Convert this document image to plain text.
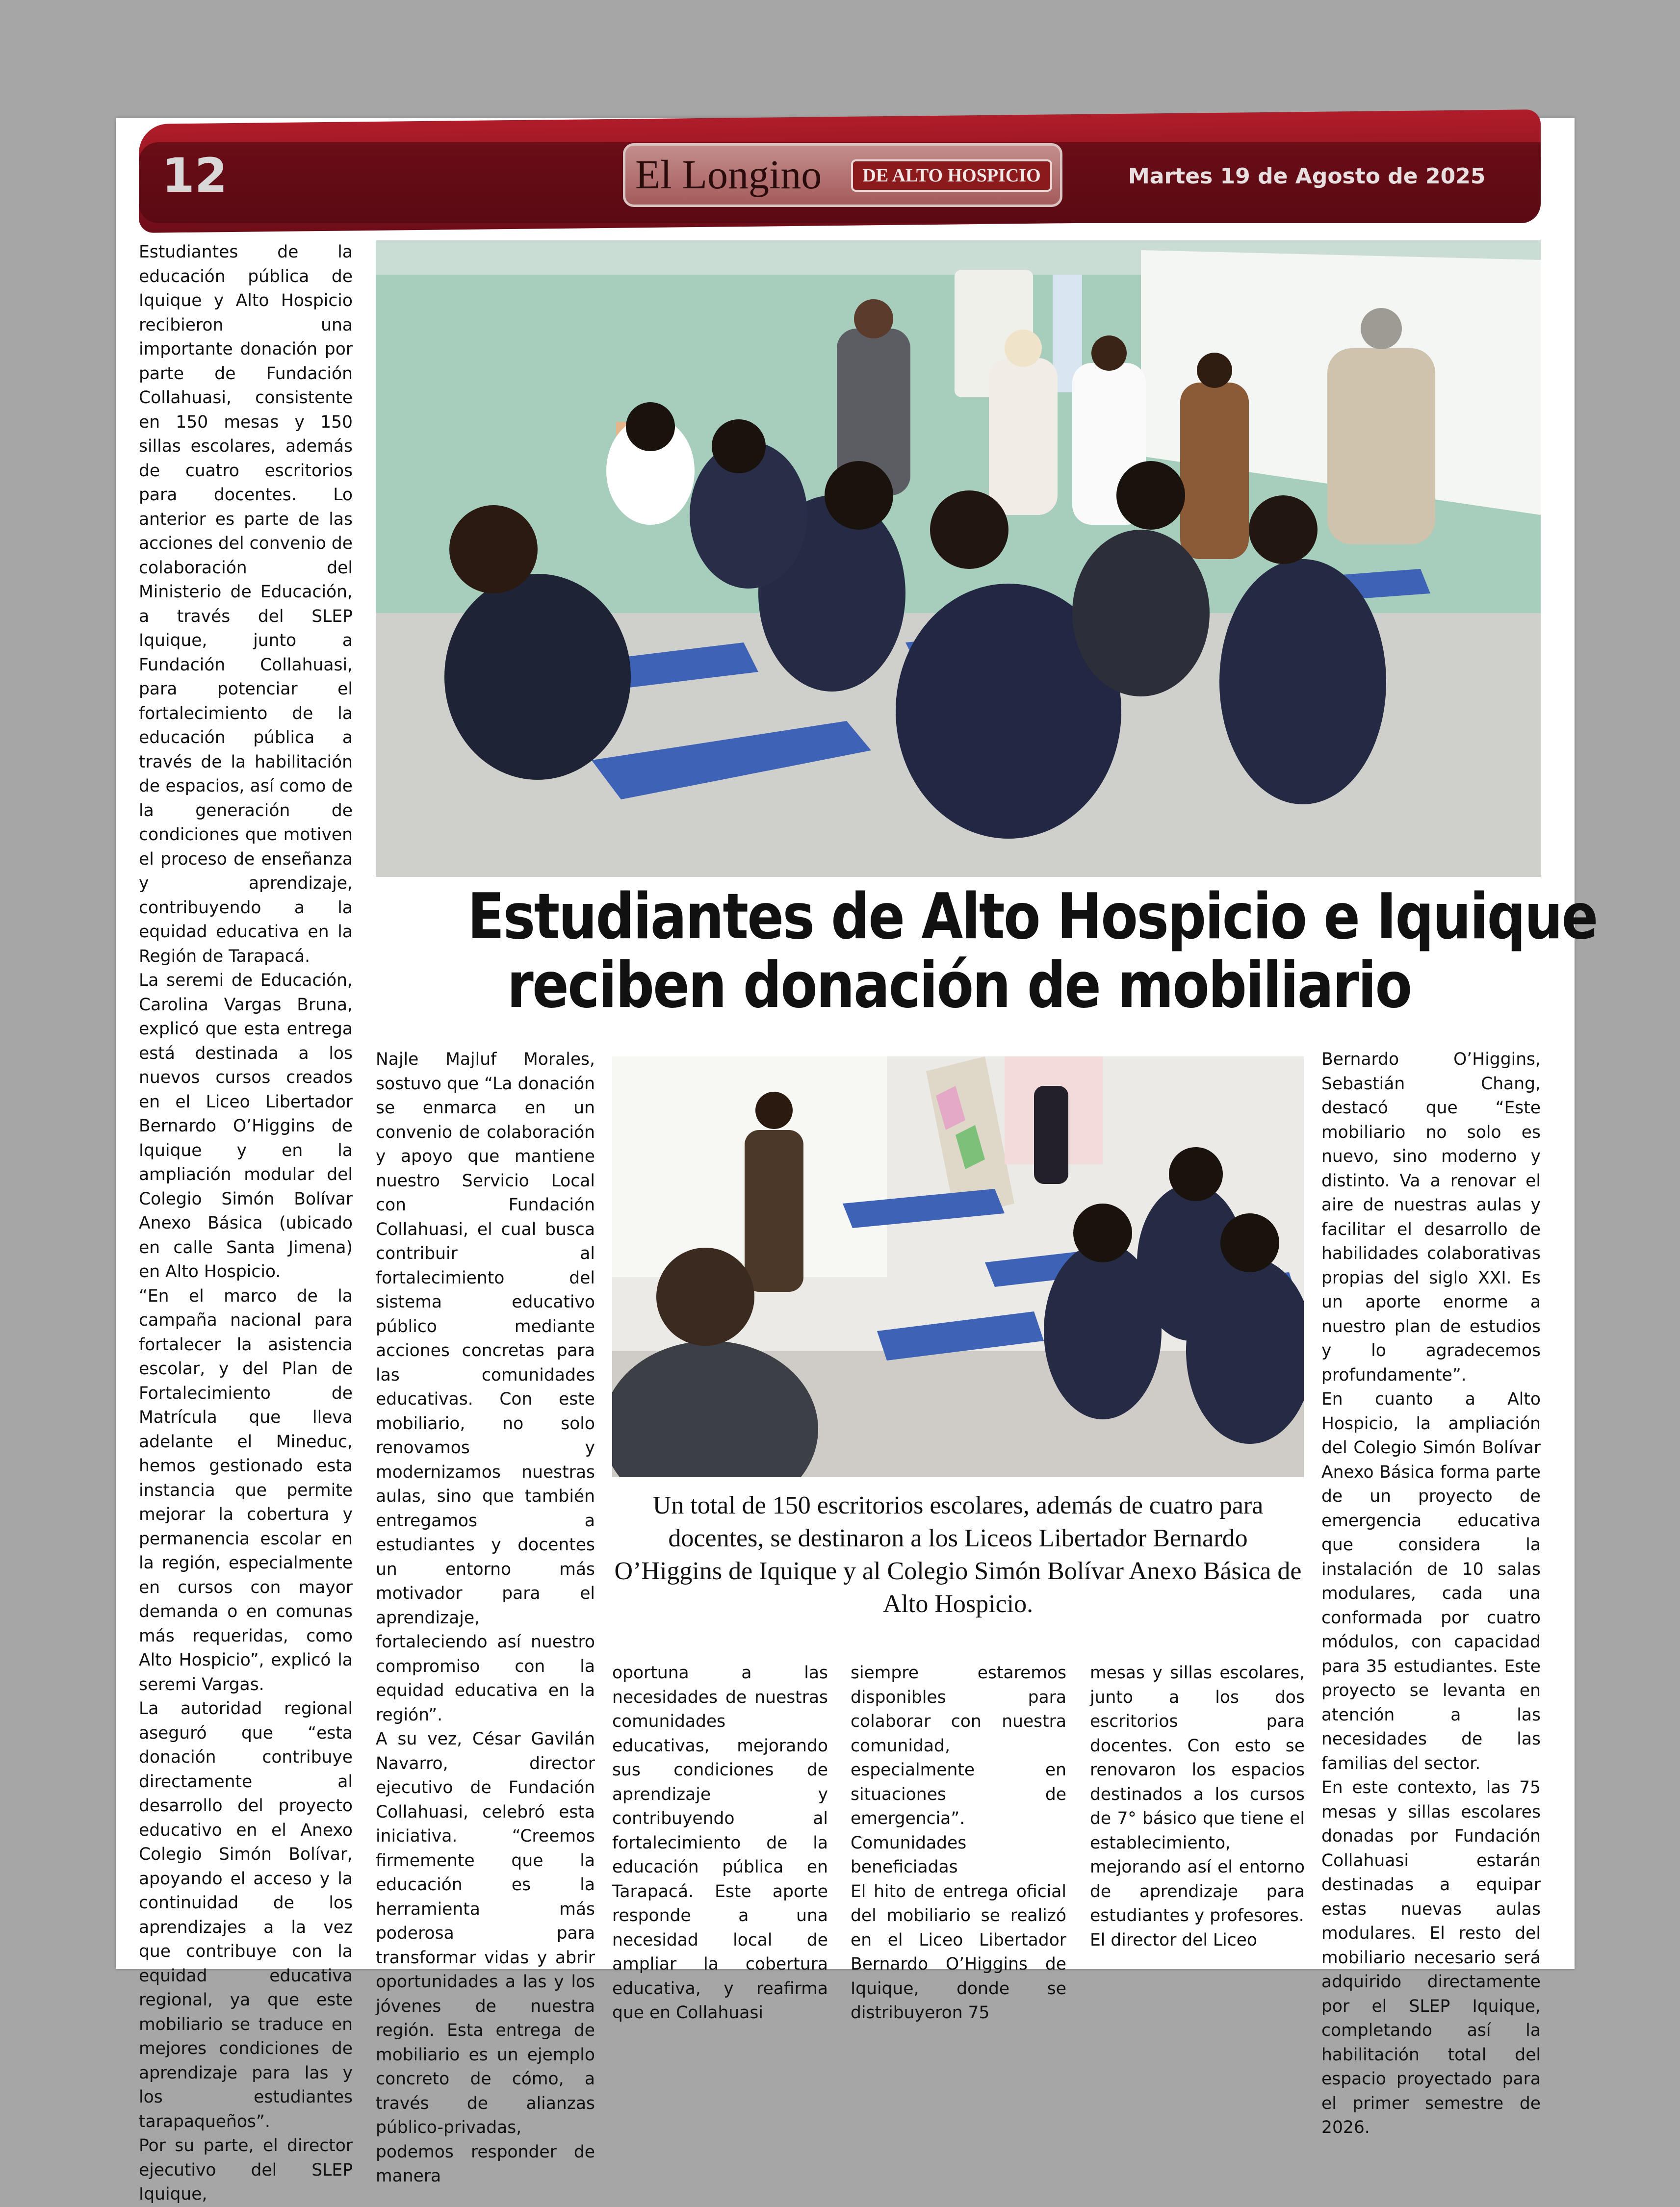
12	El Longino	DE ALTO HOSPICIO	Martes 19 de Agosto de 2025
Estudiantes de Alto Hospicio e Iquique
reciben donación de mobiliario

Estudiantes de la educación pública de Iquique y Alto Hospicio recibieron una importante donación por parte de Fundación Collahuasi, consistente en 150 mesas y 150 sillas escolares, además de cuatro escritorios para docentes. Lo anterior es parte de las acciones del convenio de colaboración del Ministerio de Educación, a través del SLEP Iquique, junto a Fundación Collahuasi, para potenciar el fortalecimiento de la educación pública a través de la habilitación de espacios, así como de la generación de condiciones que motiven el proceso de enseñanza y aprendizaje, contribuyendo a la equidad educativa en la Región de Tarapacá.

La seremi de Educación, Carolina Vargas Bruna, explicó que esta entrega está destinada a los nuevos cursos creados en el Liceo Libertador Bernardo O’Higgins de Iquique y en la ampliación modular del Colegio Simón Bolívar Anexo Básica (ubicado en calle Santa Jimena) en Alto Hospicio.

“En el marco de la campaña nacional para fortalecer la asistencia escolar, y del Plan de Fortalecimiento de Matrícula que lleva adelante el Mineduc, hemos gestionado esta instancia que permite mejorar la cobertura y permanencia escolar en la región, especialmente en cursos con mayor demanda o en comunas más requeridas, como Alto Hospicio”, explicó la seremi Vargas.

La autoridad regional aseguró que “esta donación contribuye directamente al desarrollo del proyecto educativo en el Anexo Colegio Simón Bolívar, apoyando el acceso y la continuidad de los aprendizajes a la vez que contribuye con la equidad educativa regional, ya que este mobiliario se traduce en mejores condiciones de aprendizaje para las y los estudiantes tarapaqueños”.

Por su parte, el director ejecutivo del SLEP Iquique,

Najle Majluf Morales, sostuvo que “La donación se enmarca en un convenio de colaboración y apoyo que mantiene nuestro Servicio Local con Fundación Collahuasi, el cual busca contribuir al fortalecimiento del sistema educativo público mediante acciones concretas para las comunidades educativas. Con este mobiliario, no solo renovamos y modernizamos nuestras aulas, sino que también entregamos a estudiantes y docentes un entorno más motivador para el aprendizaje, fortaleciendo así nuestro compromiso con la equidad educativa en la región”.

A su vez, César Gavilán Navarro, director ejecutivo de Fundación Collahuasi, celebró esta iniciativa. “Creemos firmemente que la educación es la herramienta más poderosa para transformar vidas y abrir oportunidades a las y los jóvenes de nuestra región. Esta entrega de mobiliario es un ejemplo concreto de cómo, a través de alianzas público-privadas, podemos responder de manera

Un total de 150 escritorios escolares, además de cuatro para docentes, se destinaron a los Liceos Libertador Bernardo O’Higgins de Iquique y al Colegio Simón Bolívar Anexo Básica de Alto Hospicio.

oportuna a las necesidades de nuestras comunidades educativas, mejorando sus condiciones de aprendizaje y contribuyendo al fortalecimiento de la educación pública en Tarapacá. Este aporte responde a una necesidad local de ampliar la cobertura educativa, y reafirma que en Collahuasi

siempre estaremos disponibles para colaborar con nuestra comunidad, especialmente en situaciones de emergencia”.

Comunidades beneficiadas

El hito de entrega oficial del mobiliario se realizó en el Liceo Libertador Bernardo O’Higgins de Iquique, donde se distribuyeron 75

mesas y sillas escolares, junto a los dos escritorios para docentes. Con esto se renovaron los espacios destinados a los cursos de 7° básico que tiene el establecimiento, mejorando así el entorno de aprendizaje para estudiantes y profesores.

El director del Liceo

Bernardo O’Higgins, Sebastián Chang, destacó que “Este mobiliario no solo es nuevo, sino moderno y distinto. Va a renovar el aire de nuestras aulas y facilitar el desarrollo de habilidades colaborativas propias del siglo XXI. Es un aporte enorme a nuestro plan de estudios y lo agradecemos profundamente”.

En cuanto a Alto Hospicio, la ampliación del Colegio Simón Bolívar Anexo Básica forma parte de un proyecto de emergencia educativa que considera la instalación de 10 salas modulares, cada una conformada por cuatro módulos, con capacidad para 35 estudiantes. Este proyecto se levanta en atención a las necesidades de las familias del sector.

En este contexto, las 75 mesas y sillas escolares donadas por Fundación Collahuasi estarán destinadas a equipar estas nuevas aulas modulares. El resto del mobiliario necesario será adquirido directamente por el SLEP Iquique, completando así la habilitación total del espacio proyectado para el primer semestre de 2026.
